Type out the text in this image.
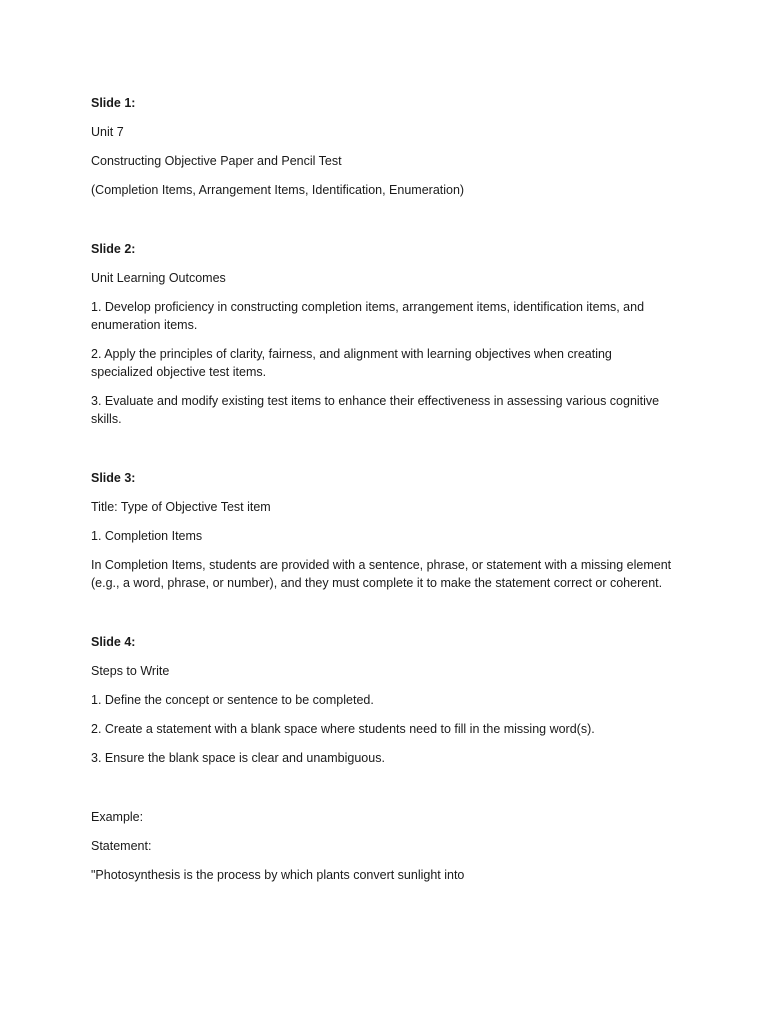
Slide 1:

Unit 7

Constructing Objective Paper and Pencil Test

(Completion Items, Arrangement Items, Identification, Enumeration)

Slide 2:

Unit Learning Outcomes

1. Develop proficiency in constructing completion items, arrangement items, identification items, and enumeration items.

2. Apply the principles of clarity, fairness, and alignment with learning objectives when creating specialized objective test items.

3. Evaluate and modify existing test items to enhance their effectiveness in assessing various cognitive skills.

Slide 3:

Title: Type of Objective Test item

1. Completion Items

In Completion Items, students are provided with a sentence, phrase, or statement with a missing element (e.g., a word, phrase, or number), and they must complete it to make the statement correct or coherent.

Slide 4:

Steps to Write

1. Define the concept or sentence to be completed.

2. Create a statement with a blank space where students need to fill in the missing word(s).

3. Ensure the blank space is clear and unambiguous.

Example:

Statement:

"Photosynthesis is the process by which plants convert sunlight into
